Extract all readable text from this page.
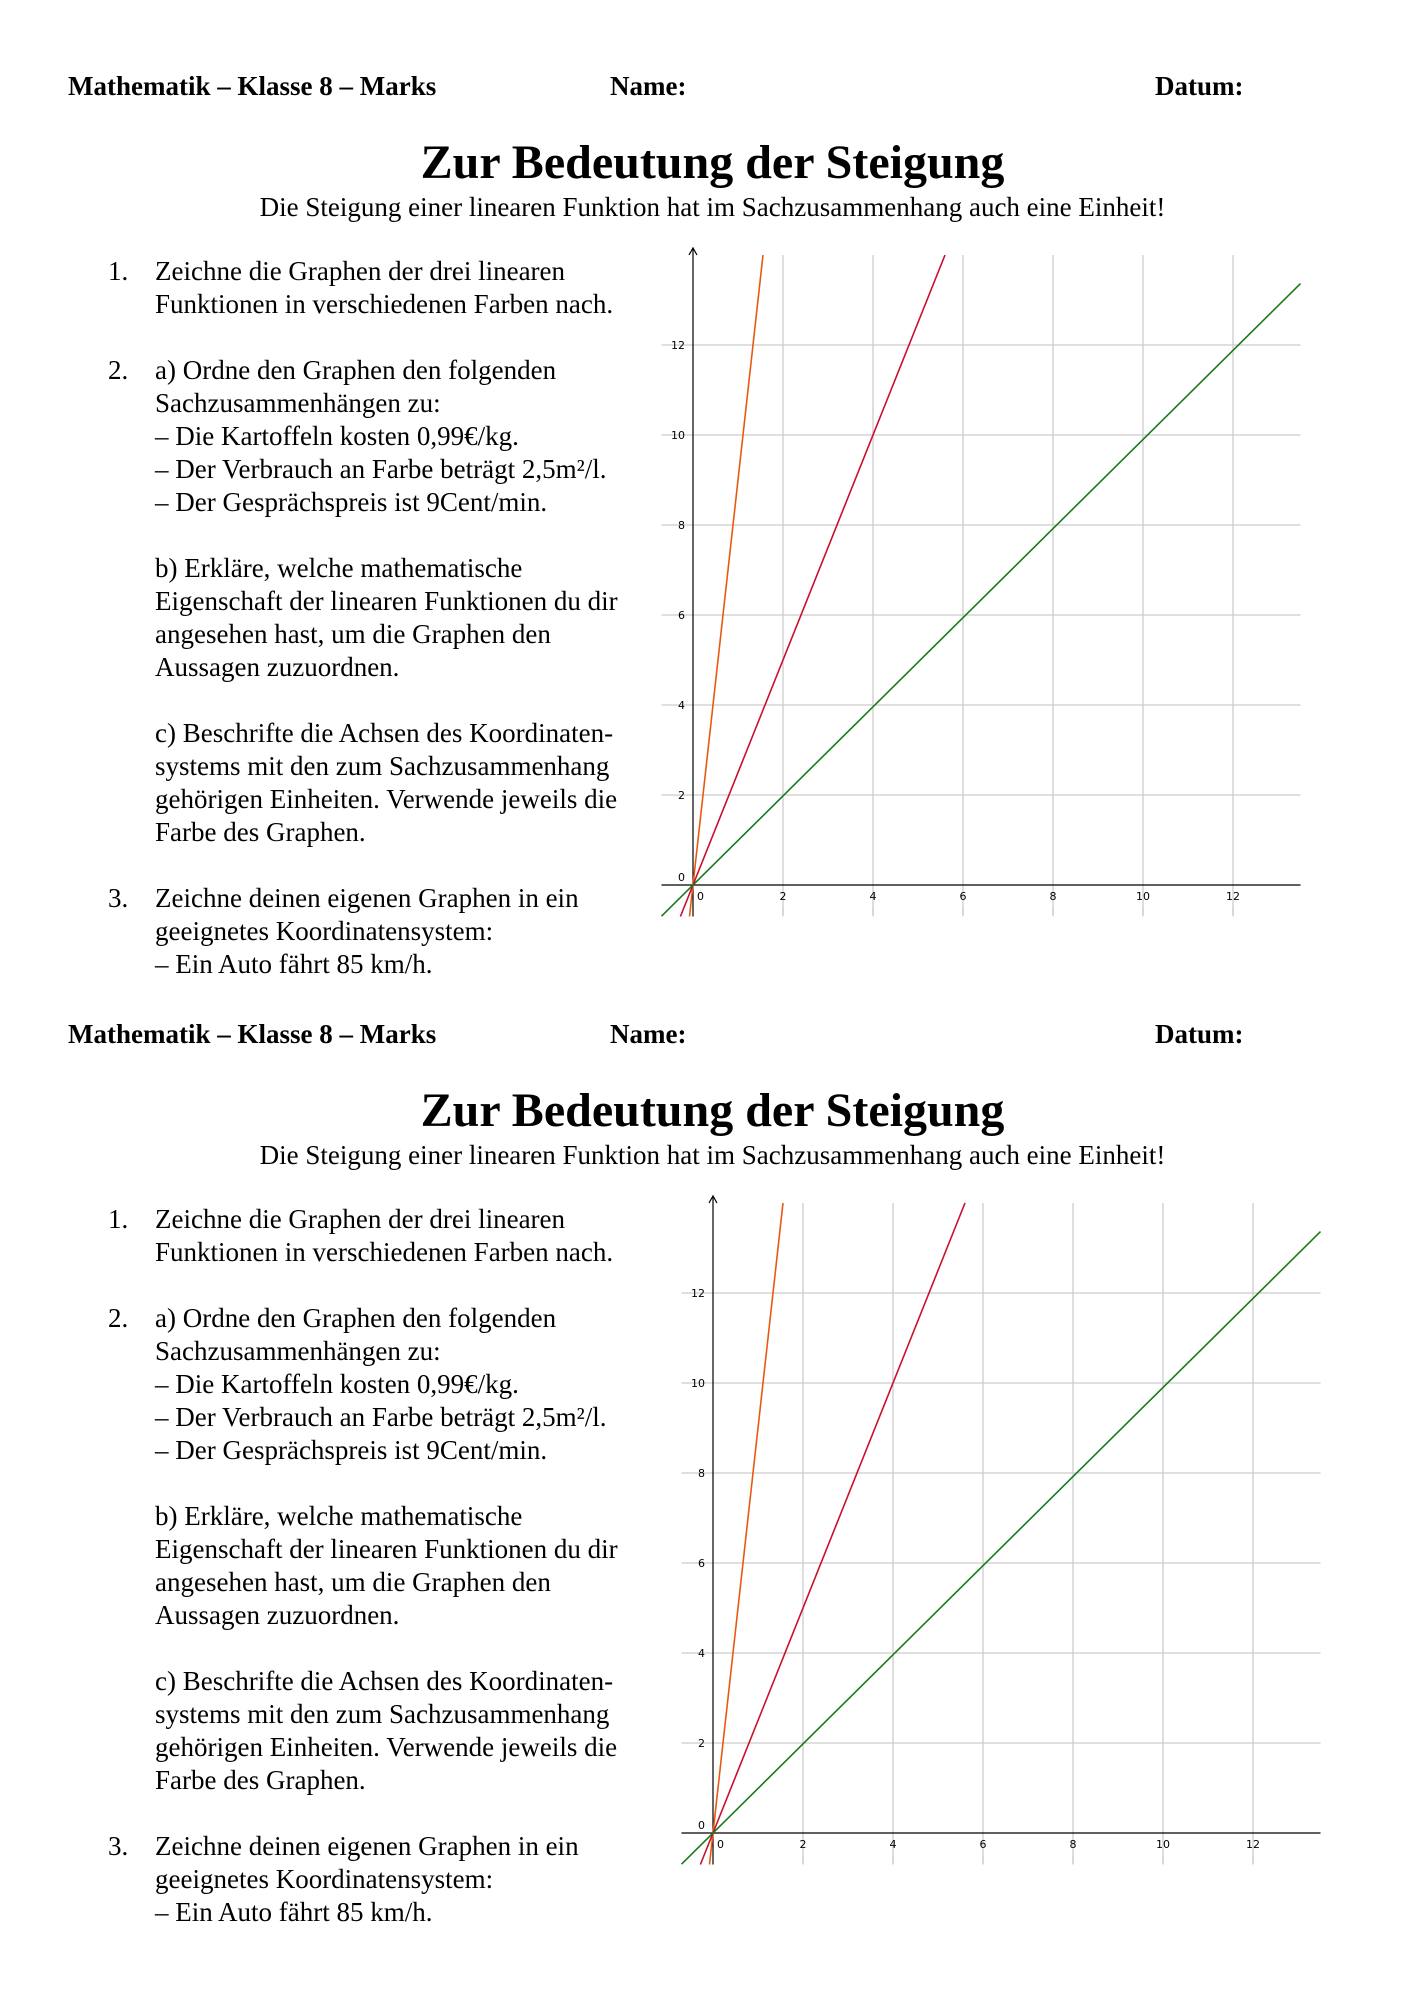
Mathematik – Klasse 8 – Marks	Name:	Datum:
Zur Bedeutung der Steigung
Die Steigung einer linearen Funktion hat im Sachzusammenhang auch eine Einheit!
1. Zeichne die Graphen der drei linearen
Funktionen in verschiedenen Farben nach.
2. a) Ordne den Graphen den folgenden
Sachzusammenhängen zu:
– Die Kartoffeln kosten 0,99€/kg.
– Der Verbrauch an Farbe beträgt 2,5m²/l.
– Der Gesprächspreis ist 9Cent/min.
b) Erkläre, welche mathematische
Eigenschaft der linearen Funktionen du dir
angesehen hast, um die Graphen den
Aussagen zuzuordnen.
c) Beschrifte die Achsen des Koordinaten-
systems mit den zum Sachzusammenhang
gehörigen Einheiten. Verwende jeweils die
Farbe des Graphen.
3. Zeichne deinen eigenen Graphen in ein
geeignetes Koordinatensystem:
– Ein Auto fährt 85 km/h.
0	2	4	6	8	10	12
0
2
4
6
8
10
12
Mathematik – Klasse 8 – Marks	Name:	Datum:
Zur Bedeutung der Steigung
Die Steigung einer linearen Funktion hat im Sachzusammenhang auch eine Einheit!
1. Zeichne die Graphen der drei linearen
Funktionen in verschiedenen Farben nach.
2. a) Ordne den Graphen den folgenden
Sachzusammenhängen zu:
– Die Kartoffeln kosten 0,99€/kg.
– Der Verbrauch an Farbe beträgt 2,5m²/l.
– Der Gesprächspreis ist 9Cent/min.
b) Erkläre, welche mathematische
Eigenschaft der linearen Funktionen du dir
angesehen hast, um die Graphen den
Aussagen zuzuordnen.
c) Beschrifte die Achsen des Koordinaten-
systems mit den zum Sachzusammenhang
gehörigen Einheiten. Verwende jeweils die
Farbe des Graphen.
3. Zeichne deinen eigenen Graphen in ein
geeignetes Koordinatensystem:
– Ein Auto fährt 85 km/h.
0	2	4	6	8	10	12
0
2
4
6
8
10
12
